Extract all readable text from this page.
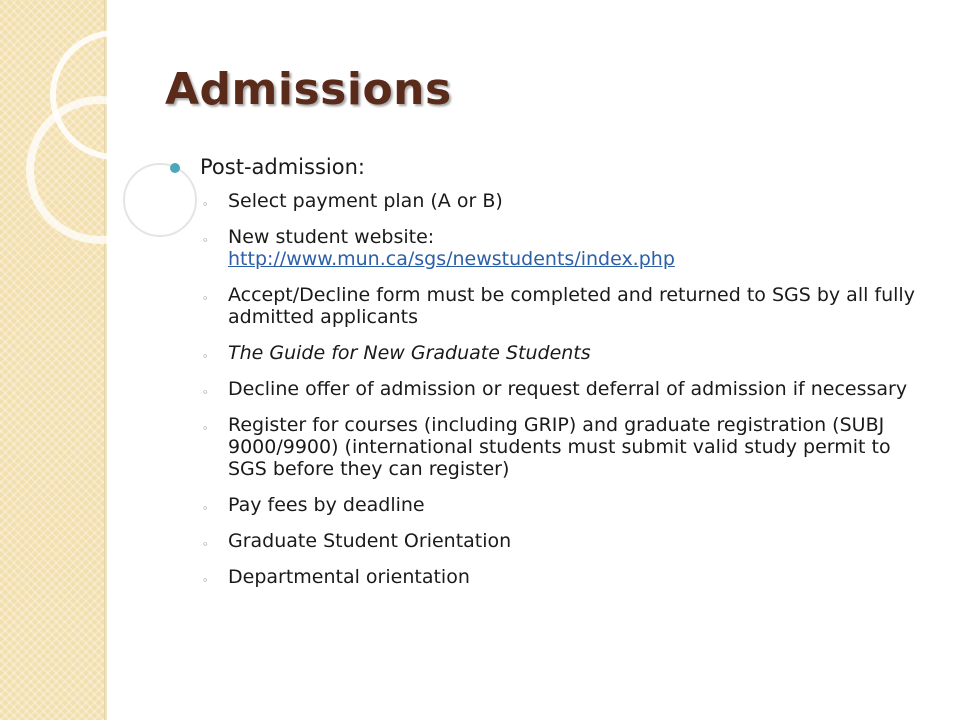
Admissions
Post-admission:
◦ Select payment plan (A or B)
◦ New student website:
http://www.mun.ca/sgs/newstudents/index.php
◦ Accept/Decline form must be completed and returned to SGS by all fully admitted applicants
◦ The Guide for New Graduate Students
◦ Decline offer of admission or request deferral of admission if necessary
◦ Register for courses (including GRIP) and graduate registration (SUBJ 9000/9900) (international students must submit valid study permit to SGS before they can register)
◦ Pay fees by deadline
◦ Graduate Student Orientation
◦ Departmental orientation
